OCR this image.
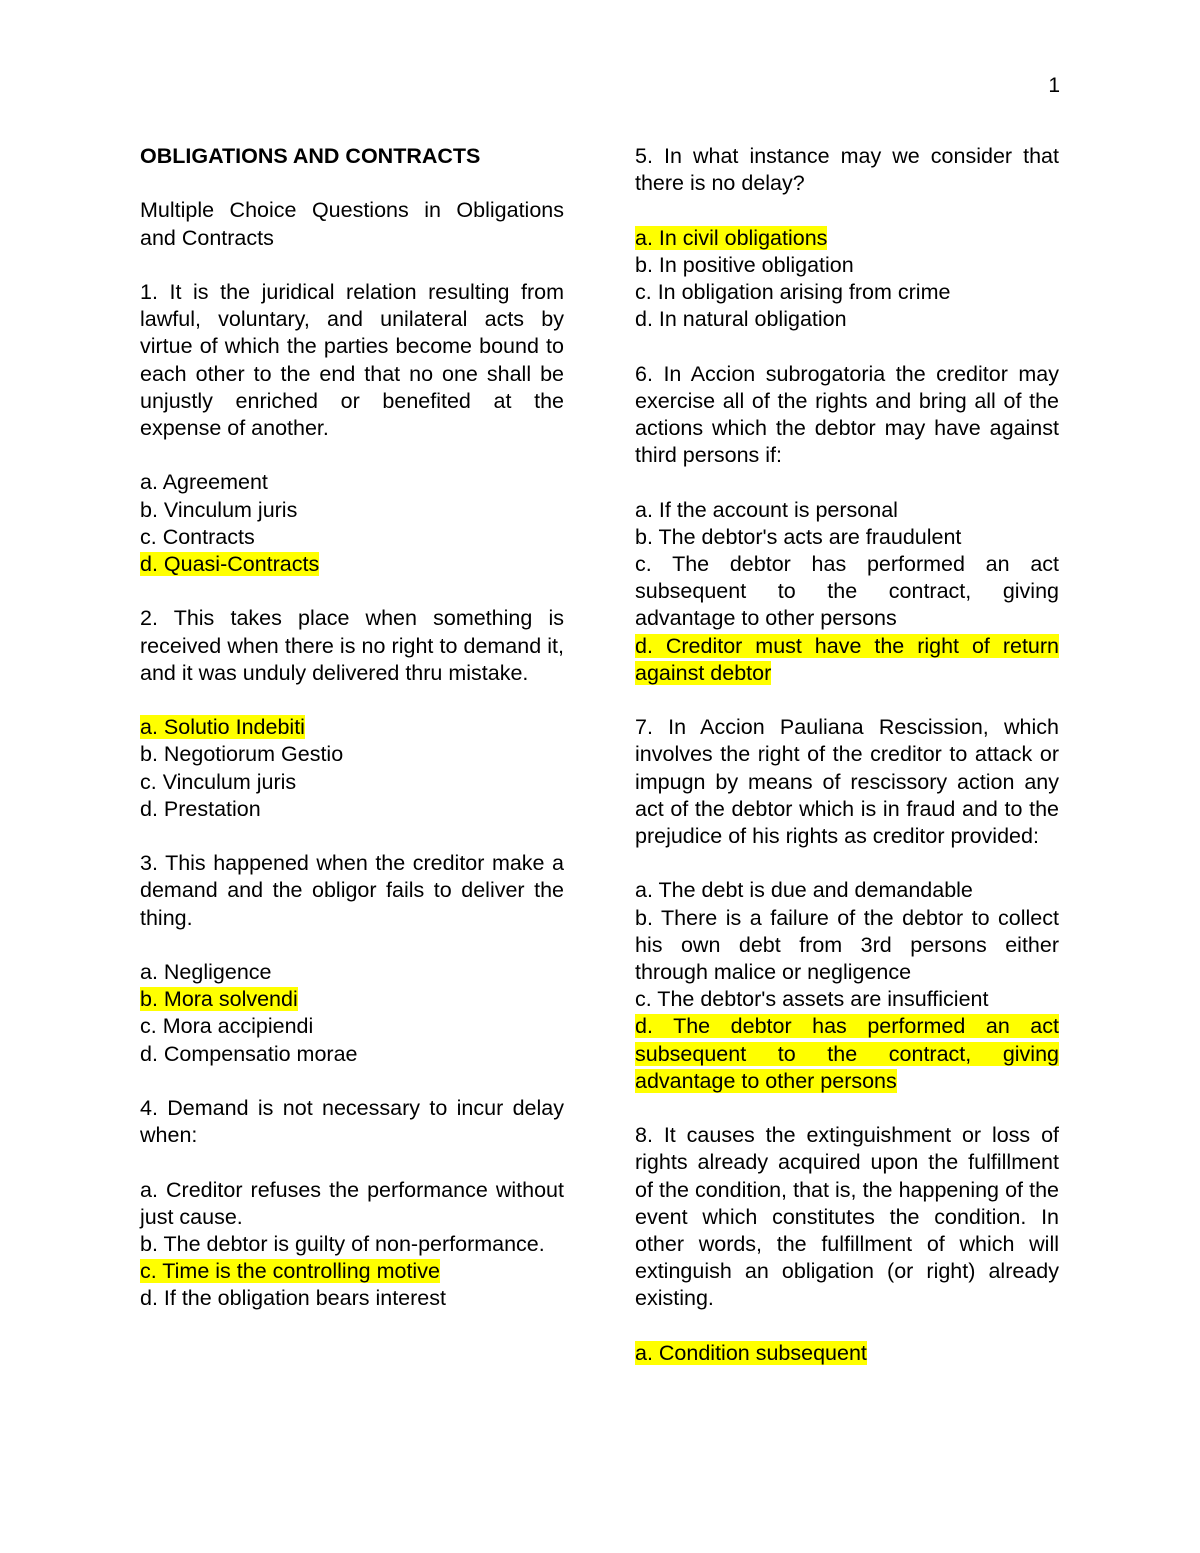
1

OBLIGATIONS AND CONTRACTS

Multiple Choice Questions in Obligations and Contracts

1. It is the juridical relation resulting from lawful, voluntary, and unilateral acts by virtue of which the parties become bound to each other to the end that no one shall be unjustly enriched or benefited at the expense of another.

a. Agreement

b. Vinculum juris

c. Contracts

d. Quasi-Contracts

2. This takes place when something is received when there is no right to demand it, and it was unduly delivered thru mistake.

a. Solutio Indebiti

b. Negotiorum Gestio

c. Vinculum juris

d. Prestation

3. This happened when the creditor make a demand and the obligor fails to deliver the thing.

a. Negligence

b. Mora solvendi

c. Mora accipiendi

d. Compensatio morae

4. Demand is not necessary to incur delay when:

a. Creditor refuses the performance without just cause.

b. The debtor is guilty of non-performance.

c. Time is the controlling motive

d. If the obligation bears interest

5. In what instance may we consider that there is no delay?

a. In civil obligations

b. In positive obligation

c. In obligation arising from crime

d. In natural obligation

6. In Accion subrogatoria the creditor may exercise all of the rights and bring all of the actions which the debtor may have against third persons if:

a. If the account is personal

b. The debtor's acts are fraudulent

c. The debtor has performed an act subsequent to the contract, giving advantage to other persons

d. Creditor must have the right of return against debtor

7. In Accion Pauliana Rescission, which involves the right of the creditor to attack or impugn by means of rescissory action any act of the debtor which is in fraud and to the prejudice of his rights as creditor provided:

a. The debt is due and demandable

b. There is a failure of the debtor to collect his own debt from 3rd persons either through malice or negligence

c. The debtor's assets are insufficient

d. The debtor has performed an act subsequent to the contract, giving advantage to other persons

8. It causes the extinguishment or loss of rights already acquired upon the fulfillment of the condition, that is, the happening of the event which constitutes the condition. In other words, the fulfillment of which will extinguish an obligation (or right) already existing.

a. Condition subsequent
